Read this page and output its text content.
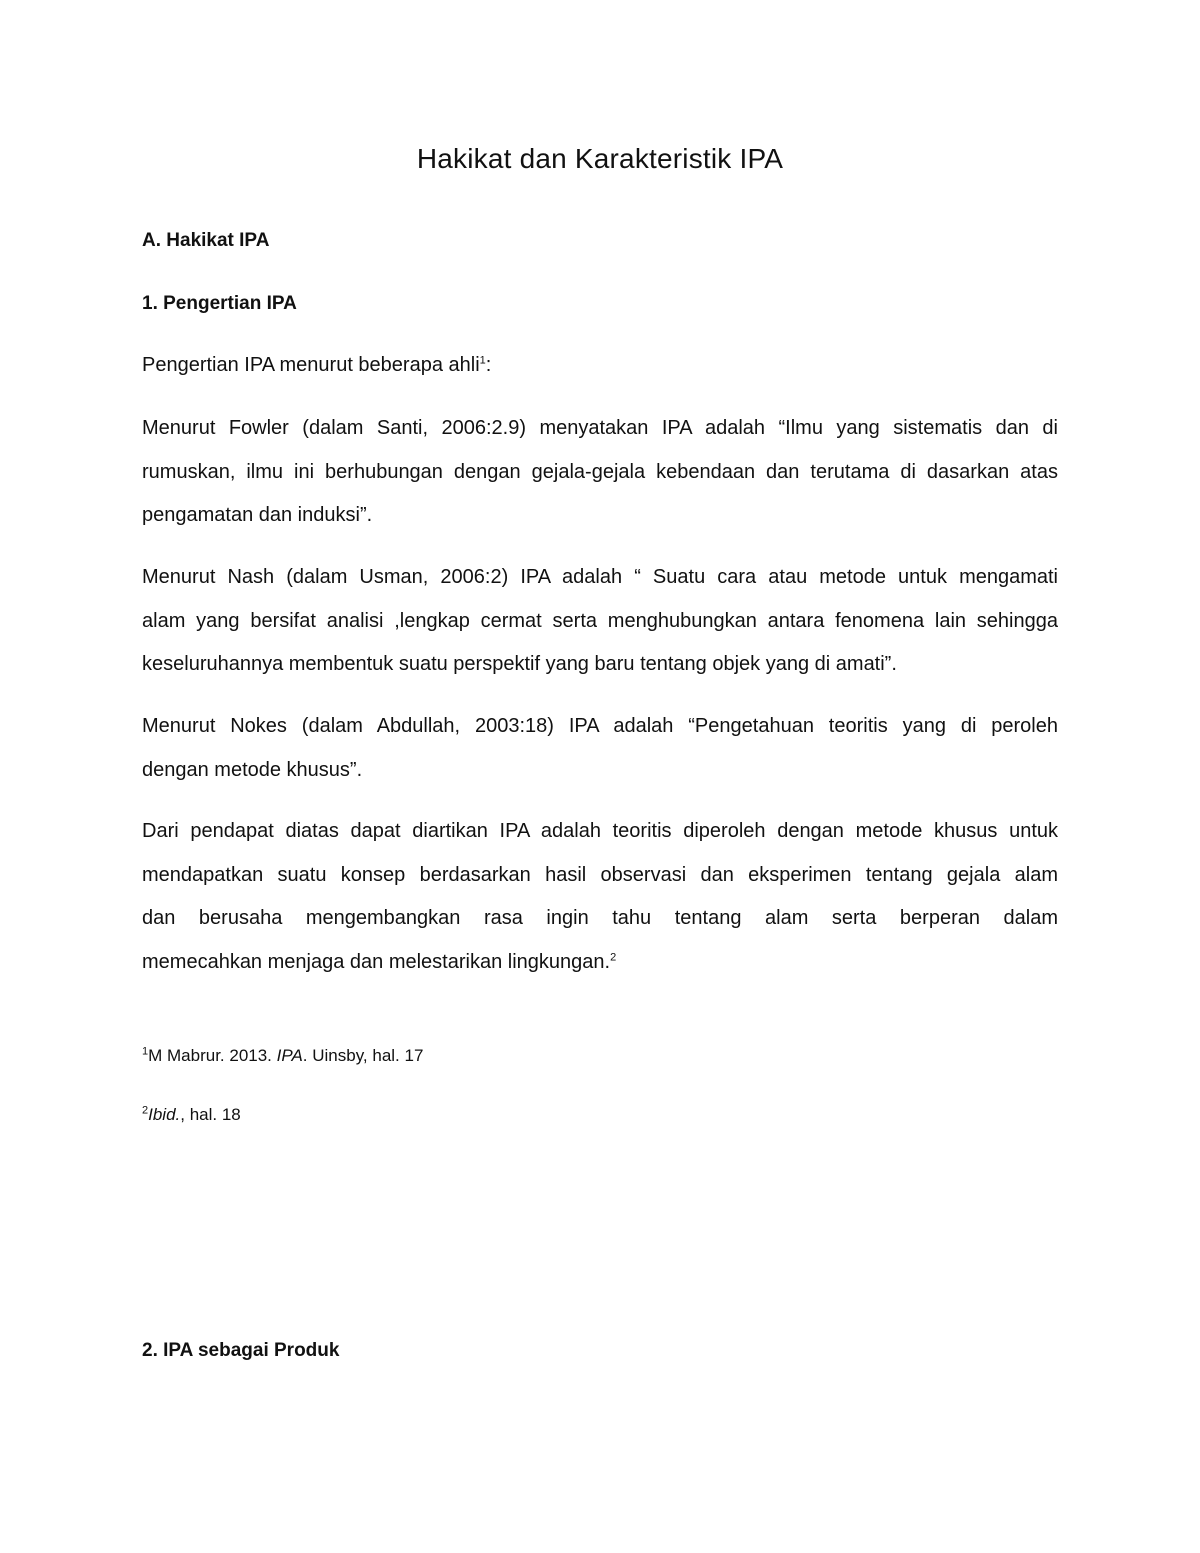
Hakikat dan Karakteristik IPA

A. Hakikat IPA

1. Pengertian IPA

Pengertian IPA menurut beberapa ahli$^1$:

Menurut Fowler (dalam Santi, 2006:2.9) menyatakan IPA adalah “Ilmu yang sistematis dan di
rumuskan, ilmu ini berhubungan dengan gejala-gejala kebendaan dan terutama di dasarkan atas
pengamatan dan induksi”.
Menurut Nash (dalam Usman, 2006:2) IPA adalah “ Suatu cara atau metode untuk mengamati
alam yang bersifat analisi ,lengkap cermat serta menghubungkan antara fenomena lain sehingga
keseluruhannya membentuk suatu perspektif yang baru tentang objek yang di amati”.
Menurut Nokes (dalam Abdullah, 2003:18) IPA adalah “Pengetahuan teoritis yang di peroleh
dengan metode khusus”.
Dari pendapat diatas dapat diartikan IPA adalah teoritis diperoleh dengan metode khusus untuk
mendapatkan suatu konsep berdasarkan hasil observasi dan eksperimen tentang gejala alam
dan berusaha mengembangkan rasa ingin tahu tentang alam serta berperan dalam
memecahkan menjaga dan melestarikan lingkungan.$^2$

$^1$M Mabrur. 2013. IPA. Uinsby, hal. 17

$^2$Ibid., hal. 18

2. IPA sebagai Produk
